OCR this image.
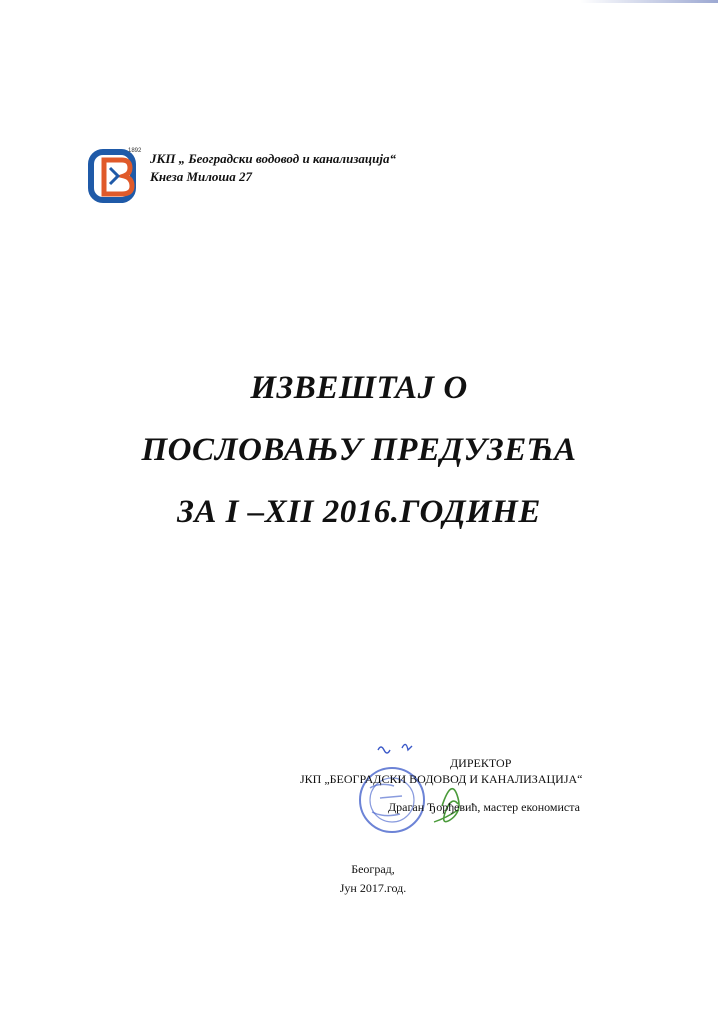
1892 ЈКП „ Београдски водовод и канализација“
Кнеза Милоша 27
ИЗВЕШТАЈ О
ПОСЛОВАЊУ ПРЕДУЗЕЋА
ЗА I –XII 2016.ГОДИНЕ
ДИРЕКТОР
ЈКП „БЕОГРАДСКИ ВОДОВОД И КАНАЛИЗАЦИЈА“
Драган Ђорђевић, мастер економиста
Београд,
Јун 2017.год.
